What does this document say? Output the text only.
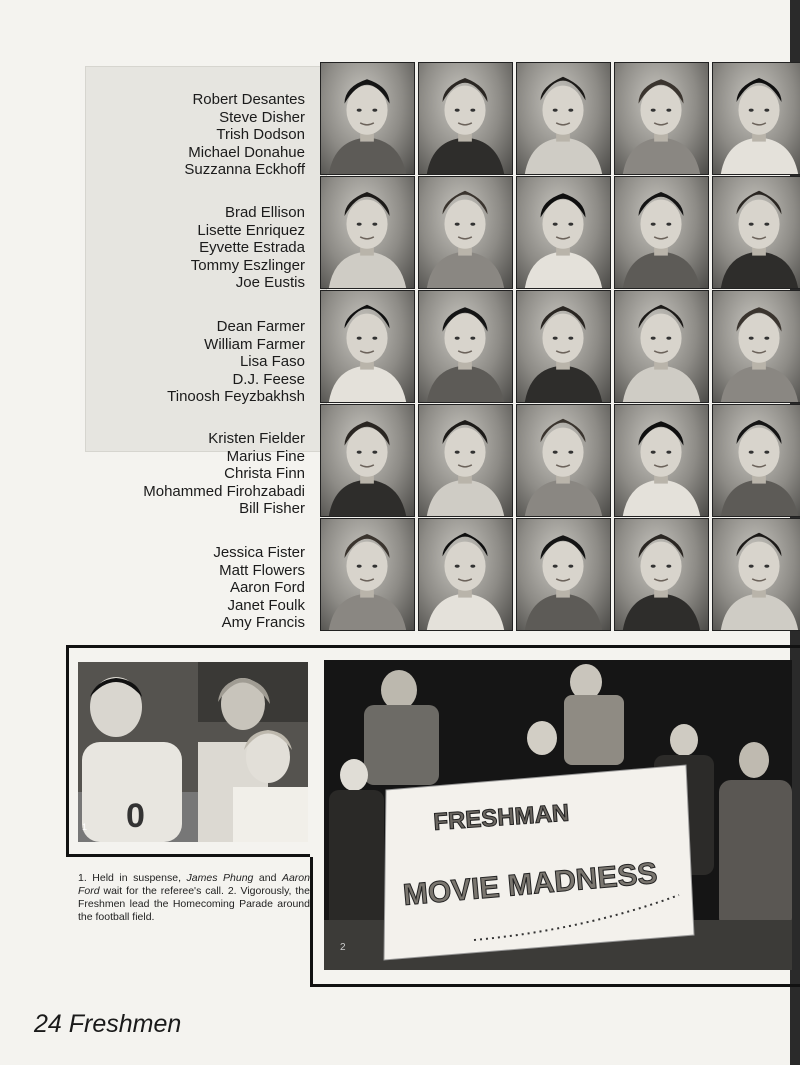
Robert Desantes
Steve Disher
Trish Dodson
Michael Donahue
Suzzanna Eckhoff
Brad Ellison
Lisette Enriquez
Eyvette Estrada
Tommy Eszlinger
Joe Eustis
Dean Farmer
William Farmer
Lisa Faso
D.J. Feese
Tinoosh Feyzbakhsh
Kristen Fielder
Marius Fine
Christa Finn
Mohammed Firohzabadi
Bill Fisher
Jessica Fister
Matt Flowers
Aaron Ford
Janet Foulk
Amy Francis
0
1	FRESHMAN
MOVIE MADNESS
2
1. Held in suspense, James Phung and Aaron Ford wait for the referee's call. 2. Vigorously, the Freshmen lead the Homecoming Parade around the football field.
24 Freshmen
